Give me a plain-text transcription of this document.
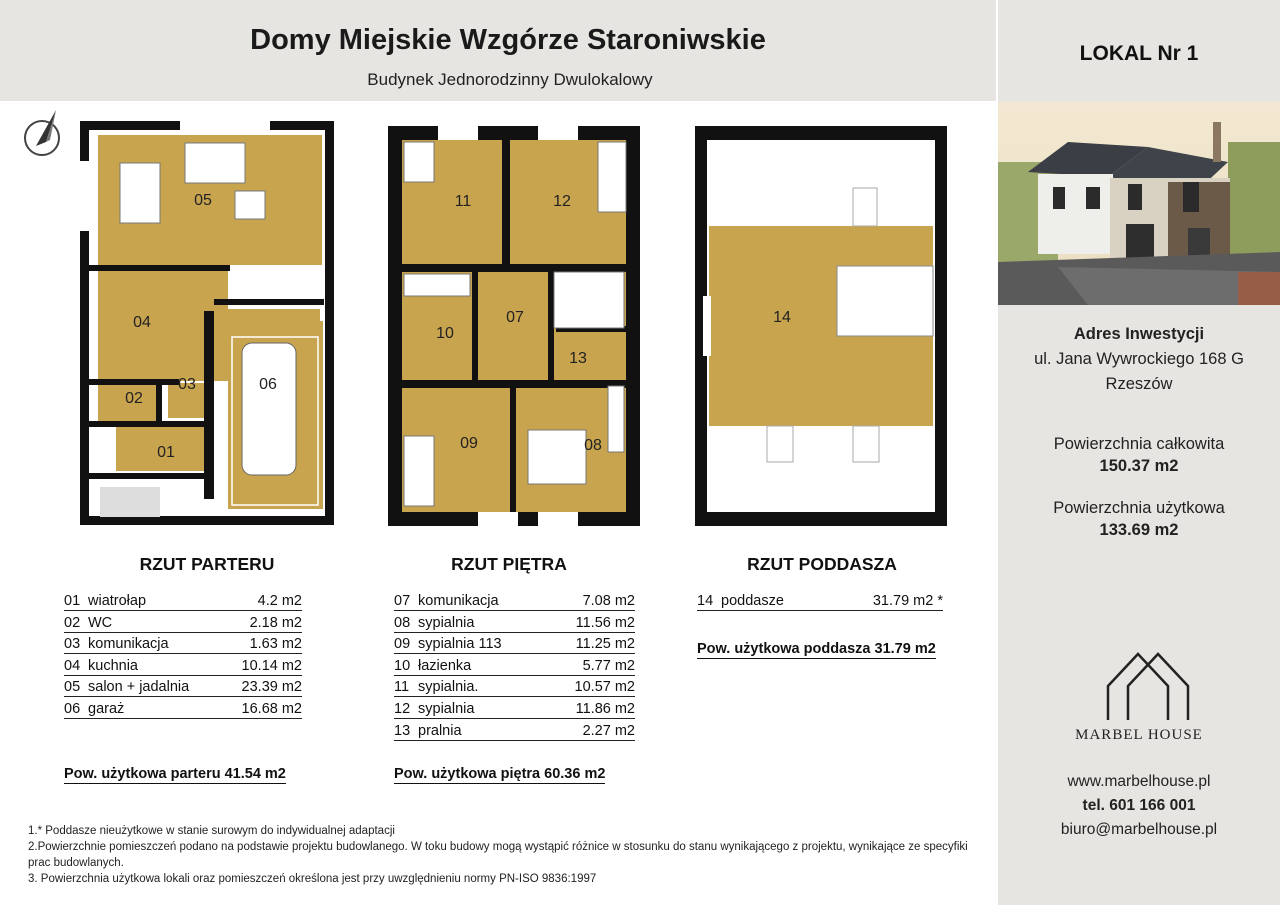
Domy Miejskie Wzgórze Staroniwskie
Budynek Jednorodzinny Dwulokalowy
LOKAL Nr 1
Adres Inwestycji
ul. Jana Wywrockiego 168 G
Rzeszów
Powierzchnia całkowita
150.37 m2
Powierzchnia użytkowa
133.69 m2
MARBEL HOUSE
www.marbelhouse.pl
tel. 601 166 001
biuro@marbelhouse.pl
05
04
03	06
02
01
11	12
10
07
13
09	08
14
RZUT PARTERU	RZUT PIĘTRA	RZUT PODDASZA
01 wiatrołap	4.2 m2
02 WC	2.18 m2
03 komunikacja	1.63 m2
04 kuchnia	10.14 m2
05 salon + jadalnia	23.39 m2
06 garaż	16.68 m2
07 komunikacja	7.08 m2
08 sypialnia	11.56 m2
09 sypialnia 113	11.25 m2
10 łazienka	5.77 m2
11 sypialnia.	10.57 m2
12 sypialnia	11.86 m2
13 pralnia	2.27 m2
14 poddasze	31.79 m2 *
Pow. użytkowa parteru 41.54 m2	Pow. użytkowa piętra 60.36 m2
Pow. użytkowa poddasza 31.79 m2
1.* Poddasze nieużytkowe w stanie surowym do indywidualnej adaptacji
2.Powierzchnie pomieszczeń podano na podstawie projektu budowlanego. W toku budowy mogą wystąpić różnice w stosunku do stanu wynikającego z projektu, wynikające ze specyfiki prac budowlanych.
3. Powierzchnia użytkowa lokali oraz pomieszczeń określona jest przy uwzględnieniu normy PN-ISO 9836:1997
